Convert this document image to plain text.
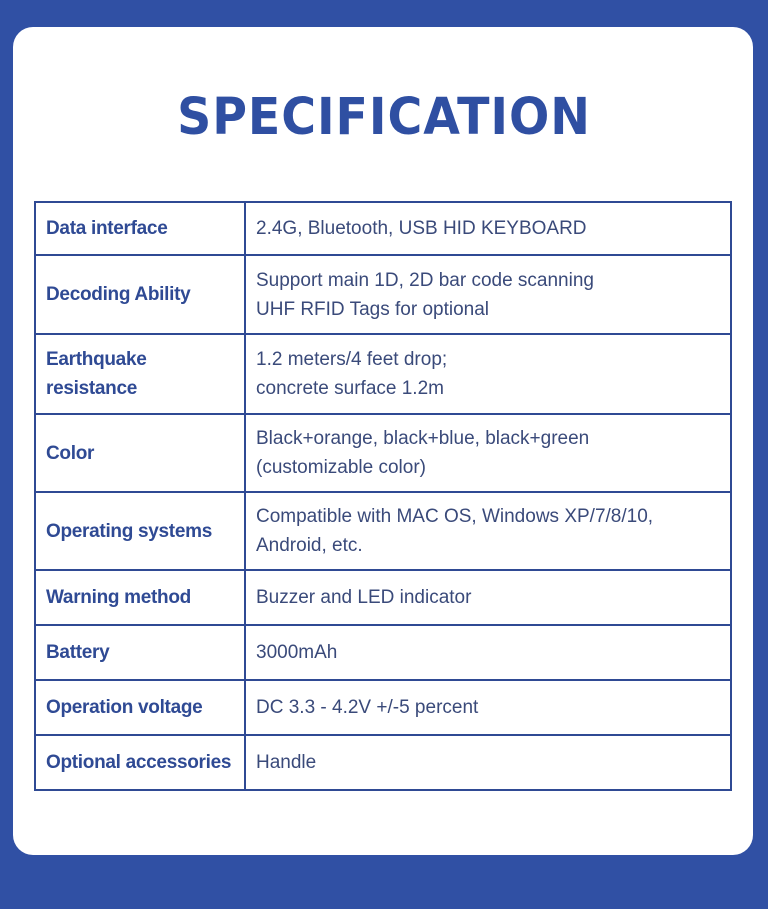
SPECIFICATION
Data interface	2.4G, Bluetooth, USB HID KEYBOARD

Decoding Ability	Support main 1D, 2D bar code scanning
UHF RFID Tags for optional

Earthquake
resistance	1.2 meters/4 feet drop;
concrete surface 1.2m

Color	Black+orange, black+blue, black+green
(customizable color)

Operating systems	Compatible with MAC OS, Windows XP/7/8/10,
Android, etc.

Warning method	Buzzer and LED indicator

Battery	3000mAh

Operation voltage	DC 3.3 - 4.2V +/-5 percent

Optional accessories	Handle
